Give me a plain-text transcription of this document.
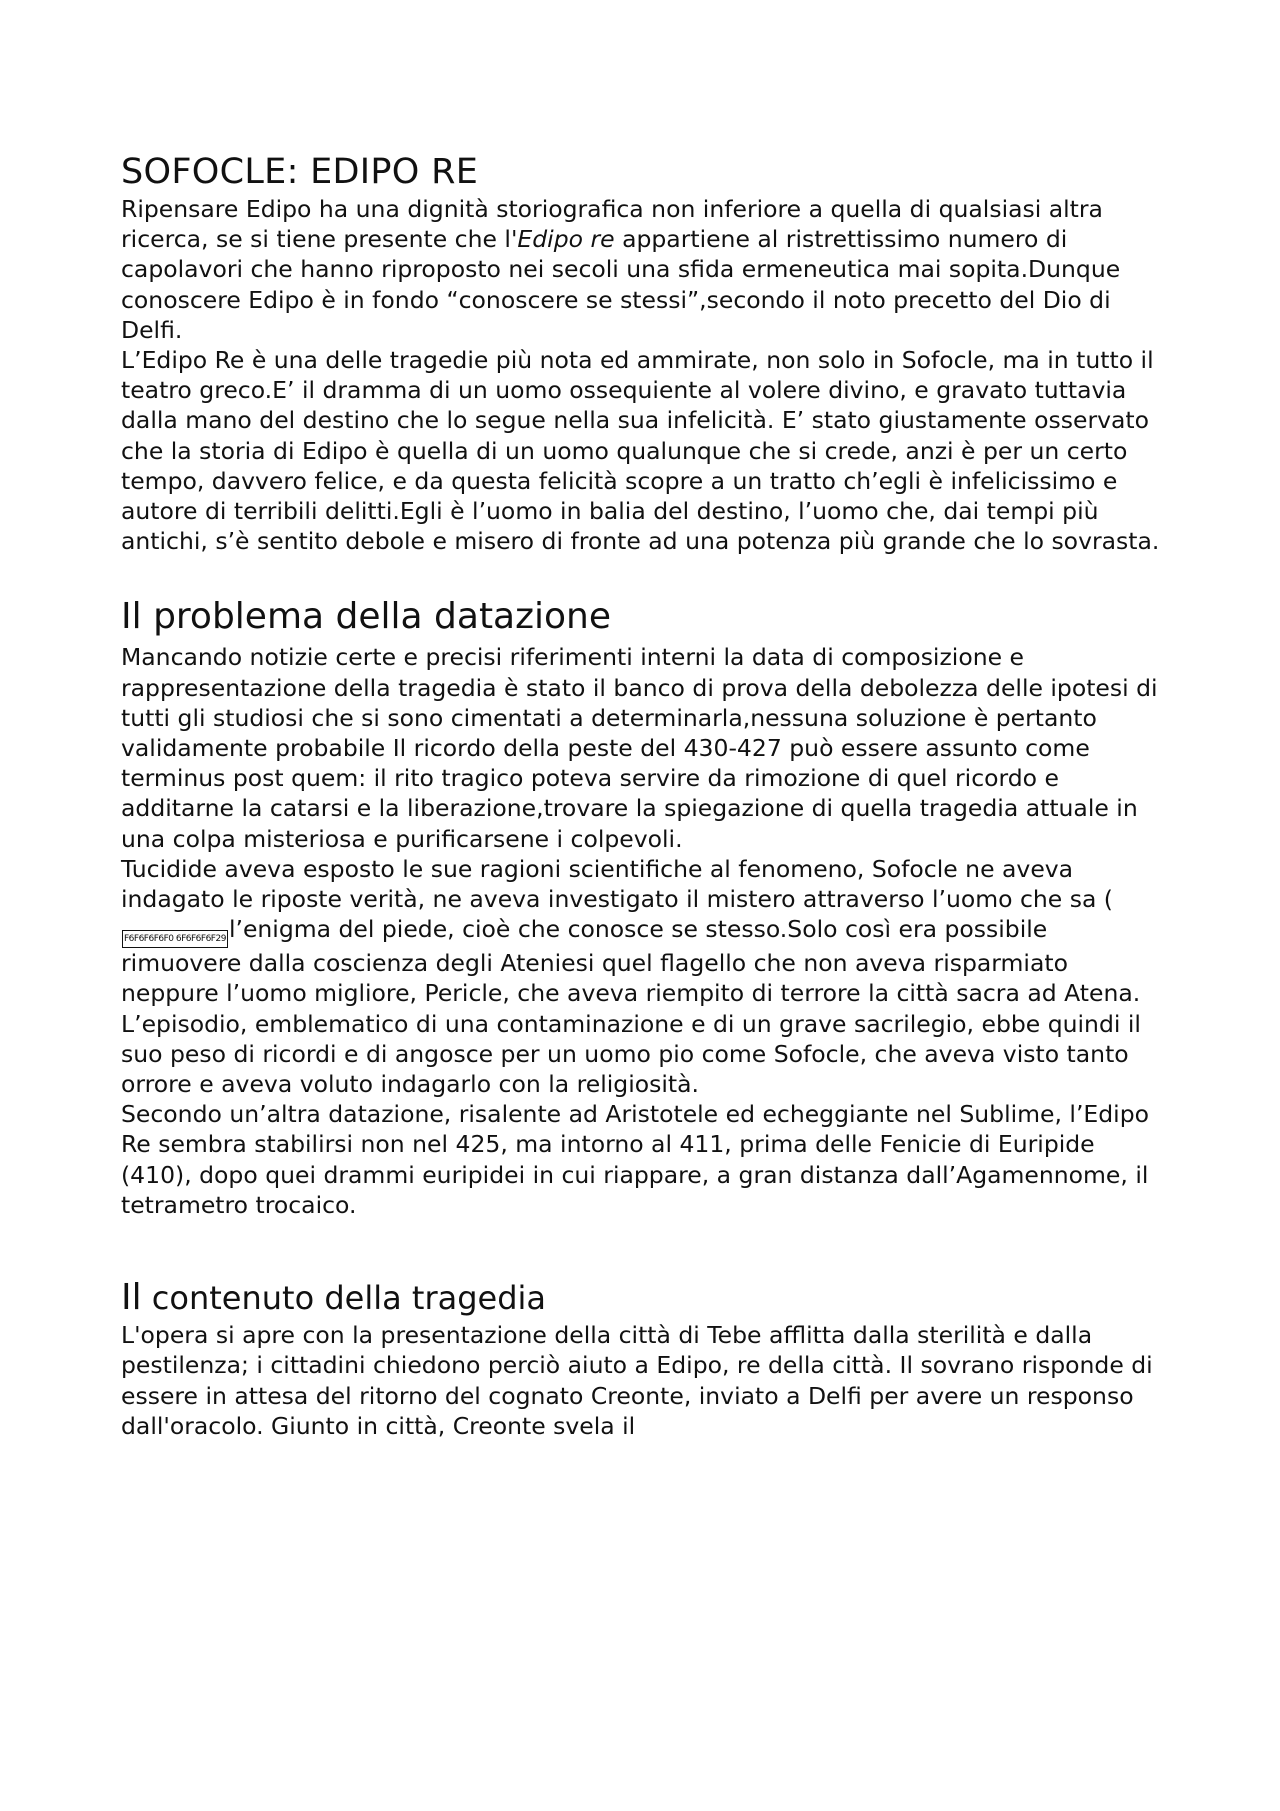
SOFOCLE: EDIPO RE

Ripensare Edipo ha una dignità storiografica non inferiore a quella di qualsiasi altra ricerca, se si tiene presente che l'Edipo re appartiene al ristrettissimo numero di capolavori che hanno riproposto nei secoli una sfida ermeneutica mai sopita.Dunque conoscere Edipo è in fondo “conoscere se stessi”,secondo il noto precetto del Dio di Delfi.

L’Edipo Re è una delle tragedie più nota ed ammirate, non solo in Sofocle, ma in tutto il teatro greco.E’ il dramma di un uomo ossequiente al volere divino, e gravato tuttavia dalla mano del destino che lo segue nella sua infelicità. E’ stato giustamente osservato che la storia di Edipo è quella di un uomo qualunque che si crede, anzi è per un certo tempo, davvero felice, e da questa felicità scopre a un tratto ch’egli è infelicissimo e autore di terribili delitti.Egli è l’uomo in balia del destino, l’uomo che, dai tempi più antichi, s’è sentito debole e misero di fronte ad una potenza più grande che lo sovrasta.

Il problema della datazione

Mancando notizie certe e precisi riferimenti interni la data di composizione e rappresentazione della tragedia è stato il banco di prova della debolezza delle ipotesi di tutti gli studiosi che si sono cimentati a determinarla,nessuna soluzione è pertanto validamente probabile Il ricordo della peste del 430-427 può essere assunto come terminus post quem: il rito tragico poteva servire da rimozione di quel ricordo e additarne la catarsi e la liberazione,trovare la spiegazione di quella tragedia attuale in una colpa misteriosa e purificarsene i colpevoli.

Tucidide aveva esposto le sue ragioni scientifiche al fenomeno, Sofocle ne aveva indagato le riposte verità, ne aveva investigato il mistero attraverso l’uomo che sa (F6F6F6F6F0 6F6F6F6F29 l’enigma del piede, cioè che conosce se stesso.Solo così era possibile rimuovere dalla coscienza degli Ateniesi quel flagello che non aveva risparmiato neppure l’uomo migliore, Pericle, che aveva riempito di terrore la città sacra ad Atena. L’episodio, emblematico di una contaminazione e di un grave sacrilegio, ebbe quindi il suo peso di ricordi e di angosce per un uomo pio come Sofocle, che aveva visto tanto orrore e aveva voluto indagarlo con la religiosità.

Secondo un’altra datazione, risalente ad Aristotele ed echeggiante nel Sublime, l’Edipo Re sembra stabilirsi non nel 425, ma intorno al 411, prima delle Fenicie di Euripide (410), dopo quei drammi euripidei in cui riappare, a gran distanza dall’Agamennome, il tetrametro trocaico.

Il contenuto della tragedia

L'opera si apre con la presentazione della città di Tebe afflitta dalla sterilità e dalla pestilenza; i cittadini chiedono perciò aiuto a Edipo, re della città. Il sovrano risponde di essere in attesa del ritorno del cognato Creonte, inviato a Delfi per avere un responso dall'oracolo. Giunto in città, Creonte svela il
